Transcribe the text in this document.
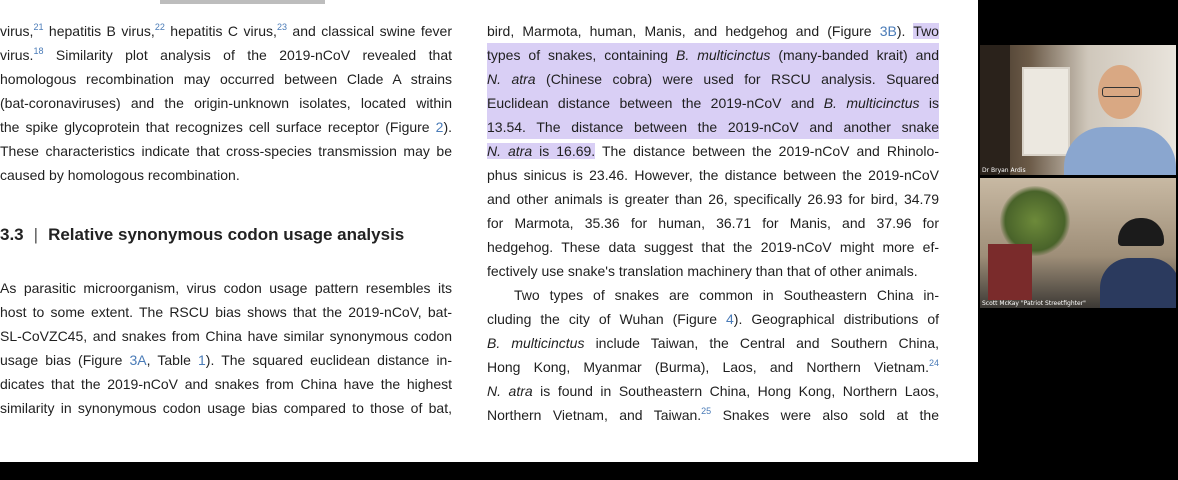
virus,$^{21}$ hepatitis B virus,$^{22}$ hepatitis C virus,$^{23}$ and classical swine fever
virus.$^{18}$ Similarity plot analysis of the 2019-nCoV revealed that
homologous recombination may occurred between Clade A strains
(bat-coronaviruses) and the origin-unknown isolates, located within
the spike glycoprotein that recognizes cell surface receptor (Figure 2).
These characteristics indicate that cross-species transmission may be
caused by homologous recombination.

3.3 | Relative synonymous codon usage analysis

As parasitic microorganism, virus codon usage pattern resembles its
host to some extent. The RSCU bias shows that the 2019-nCoV, bat-
SL-CoVZC45, and snakes from China have similar synonymous codon
usage bias (Figure 3A, Table 1). The squared euclidean distance in-
dicates that the 2019-nCoV and snakes from China have the highest
similarity in synonymous codon usage bias compared to those of bat,

bird, Marmota, human, Manis, and hedgehog and (Figure 3B). Two
types of snakes, containing B. multicinctus (many-banded krait) and
N. atra (Chinese cobra) were used for RSCU analysis. Squared
Euclidean distance between the 2019-nCoV and B. multicinctus is
13.54. The distance between the 2019-nCoV and another snake
N. atra is 16.69. The distance between the 2019-nCoV and Rhinolo-
phus sinicus is 23.46. However, the distance between the 2019-nCoV
and other animals is greater than 26, specifically 26.93 for bird, 34.79
for Marmota, 35.36 for human, 36.71 for Manis, and 37.96 for
hedgehog. These data suggest that the 2019-nCoV might more ef-
fectively use snake's translation machinery than that of other animals.

Two types of snakes are common in Southeastern China in-

cluding the city of Wuhan (Figure 4). Geographical distributions of
B. multicinctus include Taiwan, the Central and Southern China,
Hong Kong, Myanmar (Burma), Laos, and Northern Vietnam.$^{24}$
N. atra is found in Southeastern China, Hong Kong, Northern Laos,
Northern Vietnam, and Taiwan.$^{25}$ Snakes were also sold at the

Dr Bryan Ardis
Scott McKay "Patriot Streetfighter"
